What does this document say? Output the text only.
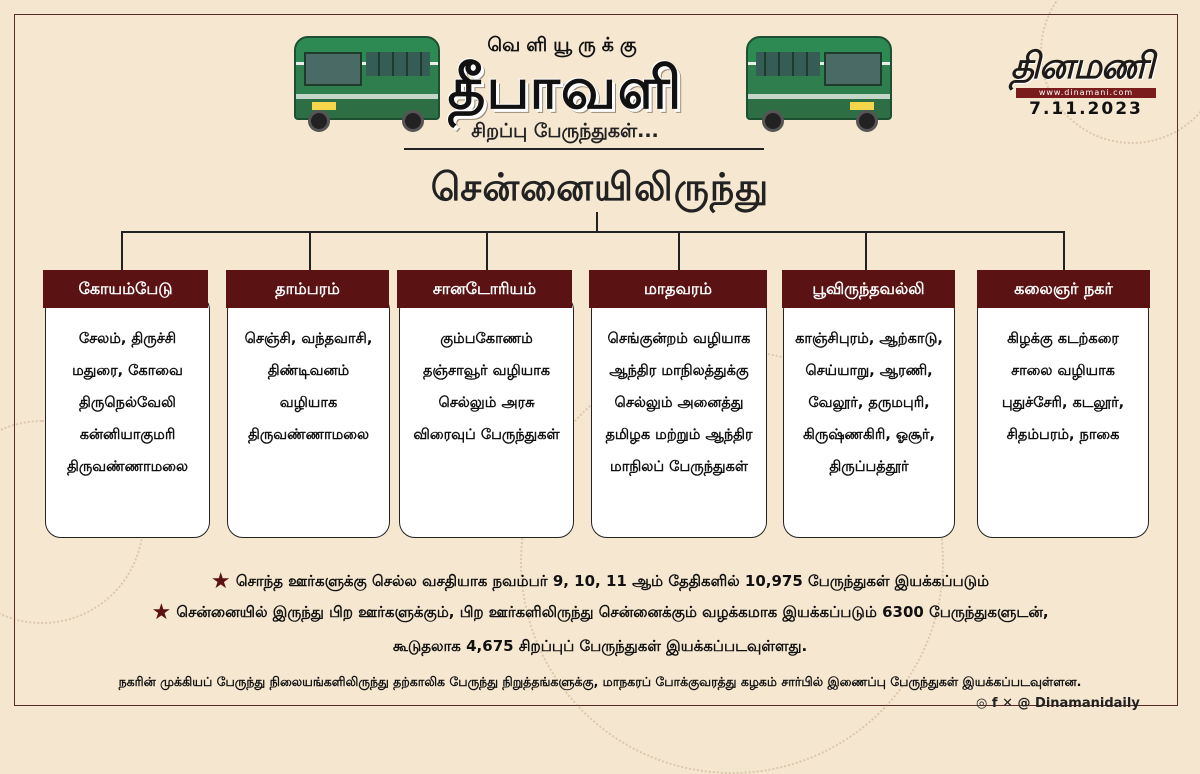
வெளியூருக்கு
தீபாவளி
சிறப்பு பேருந்துகள்...
சென்னையிலிருந்து
தினமணி
www.dinamani.com
7.11.2023
கோயம்பேடு
சேலம், திருச்சி
மதுரை, கோவை
திருநெல்வேலி
கன்னியாகுமரி
திருவண்ணாமலை
தாம்பரம்
செஞ்சி, வந்தவாசி,
திண்டிவனம்
வழியாக
திருவண்ணாமலை
சானடோரியம்
கும்பகோணம்
தஞ்சாவூர் வழியாக
செல்லும் அரசு
விரைவுப் பேருந்துகள்
மாதவரம்
செங்குன்றம் வழியாக
ஆந்திர மாநிலத்துக்கு
செல்லும் அனைத்து
தமிழக மற்றும் ஆந்திர
மாநிலப் பேருந்துகள்
பூவிருந்தவல்லி
காஞ்சிபுரம், ஆற்காடு,
செய்யாறு, ஆரணி,
வேலூர், தருமபுரி,
கிருஷ்ணகிரி, ஓசூர்,
திருப்பத்தூர்
கலைஞர் நகர்
கிழக்கு கடற்கரை
சாலை வழியாக
புதுச்சேரி, கடலூர்,
சிதம்பரம், நாகை
★ சொந்த ஊர்களுக்கு செல்ல வசதியாக நவம்பர் 9, 10, 11 ஆம் தேதிகளில் 10,975 பேருந்துகள் இயக்கப்படும்
★ சென்னையில் இருந்து பிற ஊர்களுக்கும், பிற ஊர்களிலிருந்து சென்னைக்கும் வழக்கமாக இயக்கப்படும் 6300 பேருந்துகளுடன்,
கூடுதலாக 4,675 சிறப்புப் பேருந்துகள் இயக்கப்படவுள்ளது.
நகரின் முக்கியப் பேருந்து நிலையங்களிலிருந்து தற்காலிக பேருந்து நிறுத்தங்களுக்கு, மாநகரப் போக்குவரத்து கழகம் சார்பில் இணைப்பு பேருந்துகள் இயக்கப்படவுள்ளன.
◎ f ✕ @ Dinamanidaily
